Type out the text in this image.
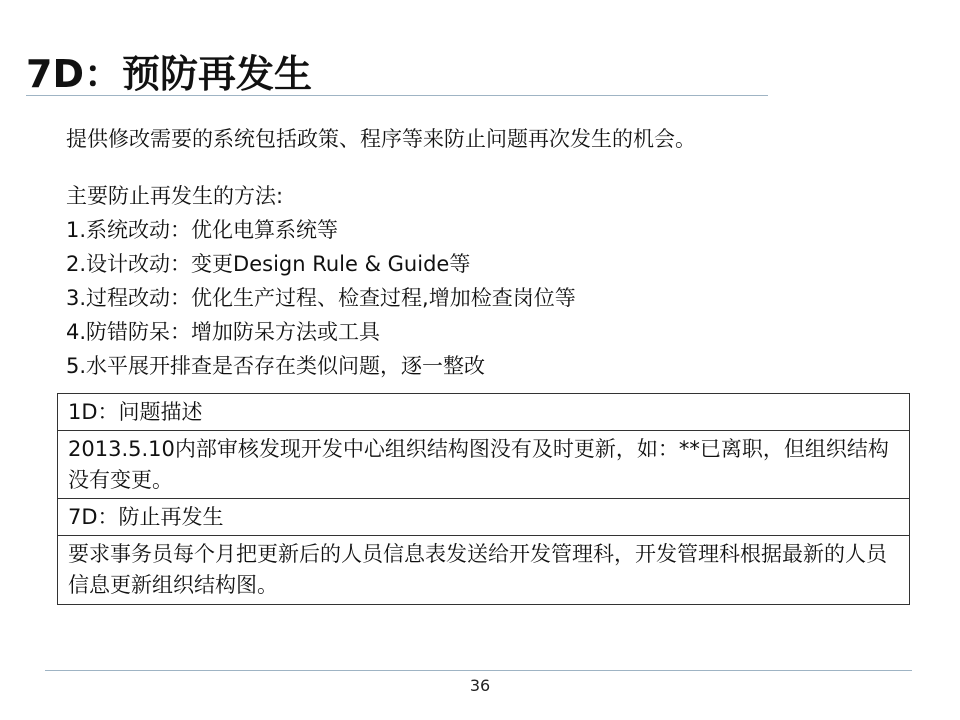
7D：预防再发生
提供修改需要的系统包括政策、程序等来防止问题再次发生的机会。
主要防止再发生的方法:
1.系统改动：优化电算系统等
2.设计改动：变更Design Rule & Guide等
3.过程改动：优化生产过程、检查过程,增加检查岗位等
4.防错防呆：增加防呆方法或工具
5.水平展开排查是否存在类似问题，逐一整改
1D：问题描述
2013.5.10内部审核发现开发中心组织结构图没有及时更新，如：**已离职，但组织结构没有变更。
7D：防止再发生
要求事务员每个月把更新后的人员信息表发送给开发管理科，开发管理科根据最新的人员信息更新组织结构图。
36
